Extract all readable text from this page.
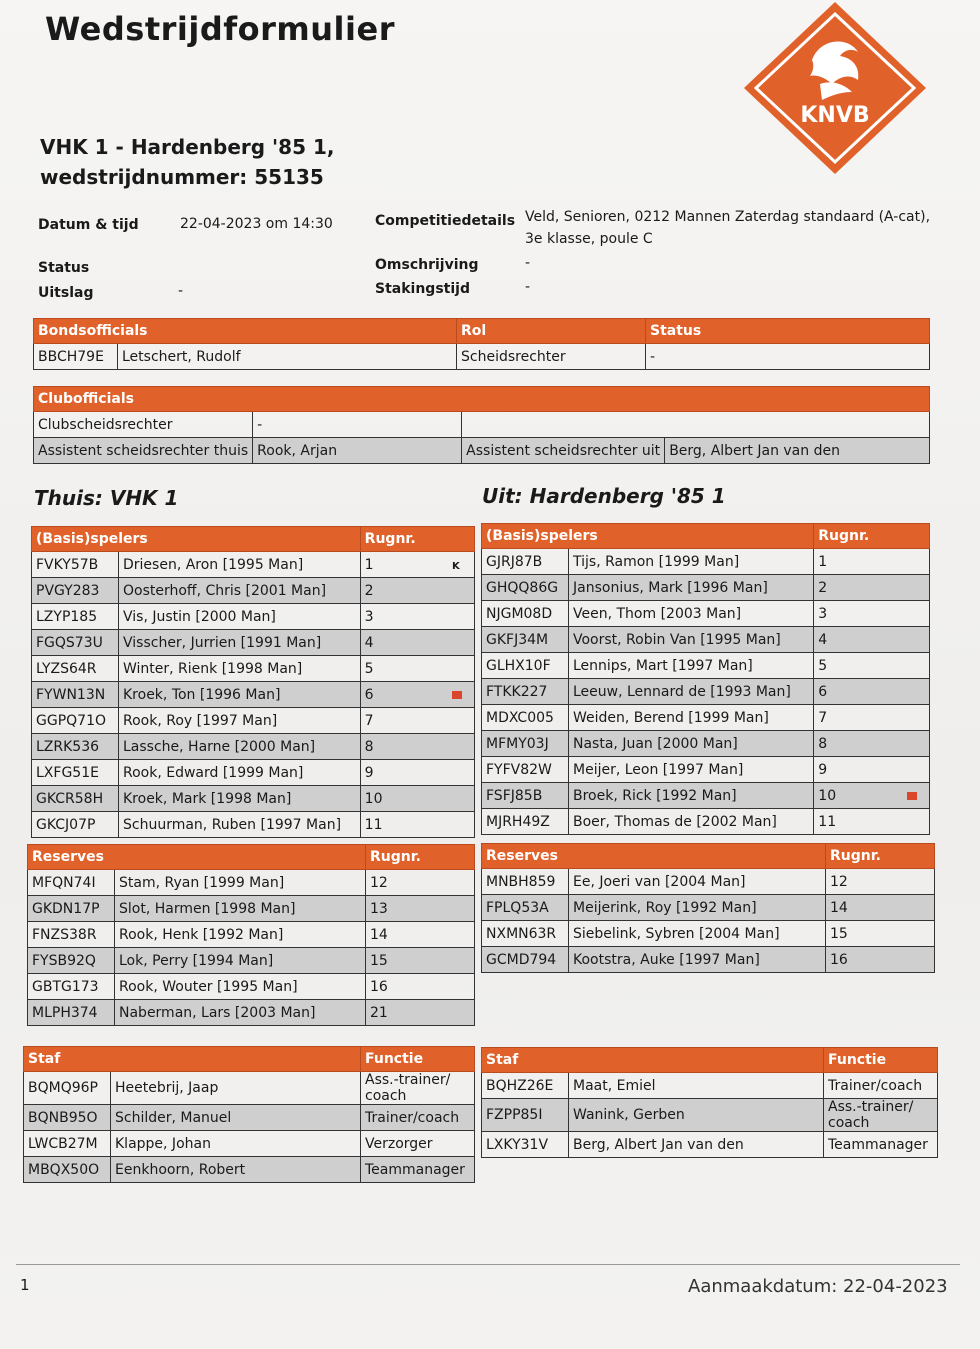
Wedstrijdformulier
KNVB
VHK 1 - Hardenberg '85 1,
wedstrijdnummer: 55135
Datum & tijd	22-04-2023 om 14:30
Status
Uitslag	-
Competitiedetails Veld, Senioren, 0212 Mannen Zaterdag standaard (A-cat),
3e klasse, poule C
Omschrijving	-
Stakingstijd	-
Bondsofficials		Rol	Status
BBCH79E	Letschert, Rudolf	Scheidsrechter	-
Clubofficials			
Clubscheidsrechter	-		
Assistent scheidsrechter thuis	Rook, Arjan	Assistent scheidsrechter uit	Berg, Albert Jan van den
Thuis: VHK 1	Uit: Hardenberg '85 1
(Basis)spelers		Rugnr.	
FVKY57B	Driesen, Aron [1995 Man]	1	K
PVGY283	Oosterhoff, Chris [2001 Man]	2	
LZYP185	Vis, Justin [2000 Man]	3	
FGQS73U	Visscher, Jurrien [1991 Man]	4	
LYZS64R	Winter, Rienk [1998 Man]	5	
FYWN13N	Kroek, Ton [1996 Man]	6	
GGPQ71O	Rook, Roy [1997 Man]	7	
LZRK536	Lassche, Harne [2000 Man]	8	
LXFG51E	Rook, Edward [1999 Man]	9	
GKCR58H	Kroek, Mark [1998 Man]	10	
GKCJ07P	Schuurman, Ruben [1997 Man]	11	
(Basis)spelers		Rugnr.	
GJRJ87B	Tijs, Ramon [1999 Man]	1	
GHQQ86G	Jansonius, Mark [1996 Man]	2	
NJGM08D	Veen, Thom [2003 Man]	3	
GKFJ34M	Voorst, Robin Van [1995 Man]	4	
GLHX10F	Lennips, Mart [1997 Man]	5	
FTKK227	Leeuw, Lennard de [1993 Man]	6	
MDXC005	Weiden, Berend [1999 Man]	7	
MFMY03J	Nasta, Juan [2000 Man]	8	
FYFV82W	Meijer, Leon [1997 Man]	9	
FSFJ85B	Broek, Rick [1992 Man]	10	
MJRH49Z	Boer, Thomas de [2002 Man]	11	
Reserves		Rugnr.
MFQN74I	Stam, Ryan [1999 Man]	12
GKDN17P	Slot, Harmen [1998 Man]	13
FNZS38R	Rook, Henk [1992 Man]	14
FYSB92Q	Lok, Perry [1994 Man]	15
GBTG173	Rook, Wouter [1995 Man]	16
MLPH374	Naberman, Lars [2003 Man]	21
Reserves		Rugnr.
MNBH859	Ee, Joeri van [2004 Man]	12
FPLQ53A	Meijerink, Roy [1992 Man]	14
NXMN63R	Siebelink, Sybren [2004 Man]	15
GCMD794	Kootstra, Auke [1997 Man]	16
Staf		Functie
BQMQ96P	Heetebrij, Jaap	Ass.-trainer/ coach
BQNB95O	Schilder, Manuel	Trainer/coach
LWCB27M	Klappe, Johan	Verzorger
MBQX50O	Eenkhoorn, Robert	Teammanager
Staf		Functie
BQHZ26E	Maat, Emiel	Trainer/coach
FZPP85I	Wanink, Gerben	Ass.-trainer/ coach
LXKY31V	Berg, Albert Jan van den	Teammanager
1	Aanmaakdatum: 22-04-2023
